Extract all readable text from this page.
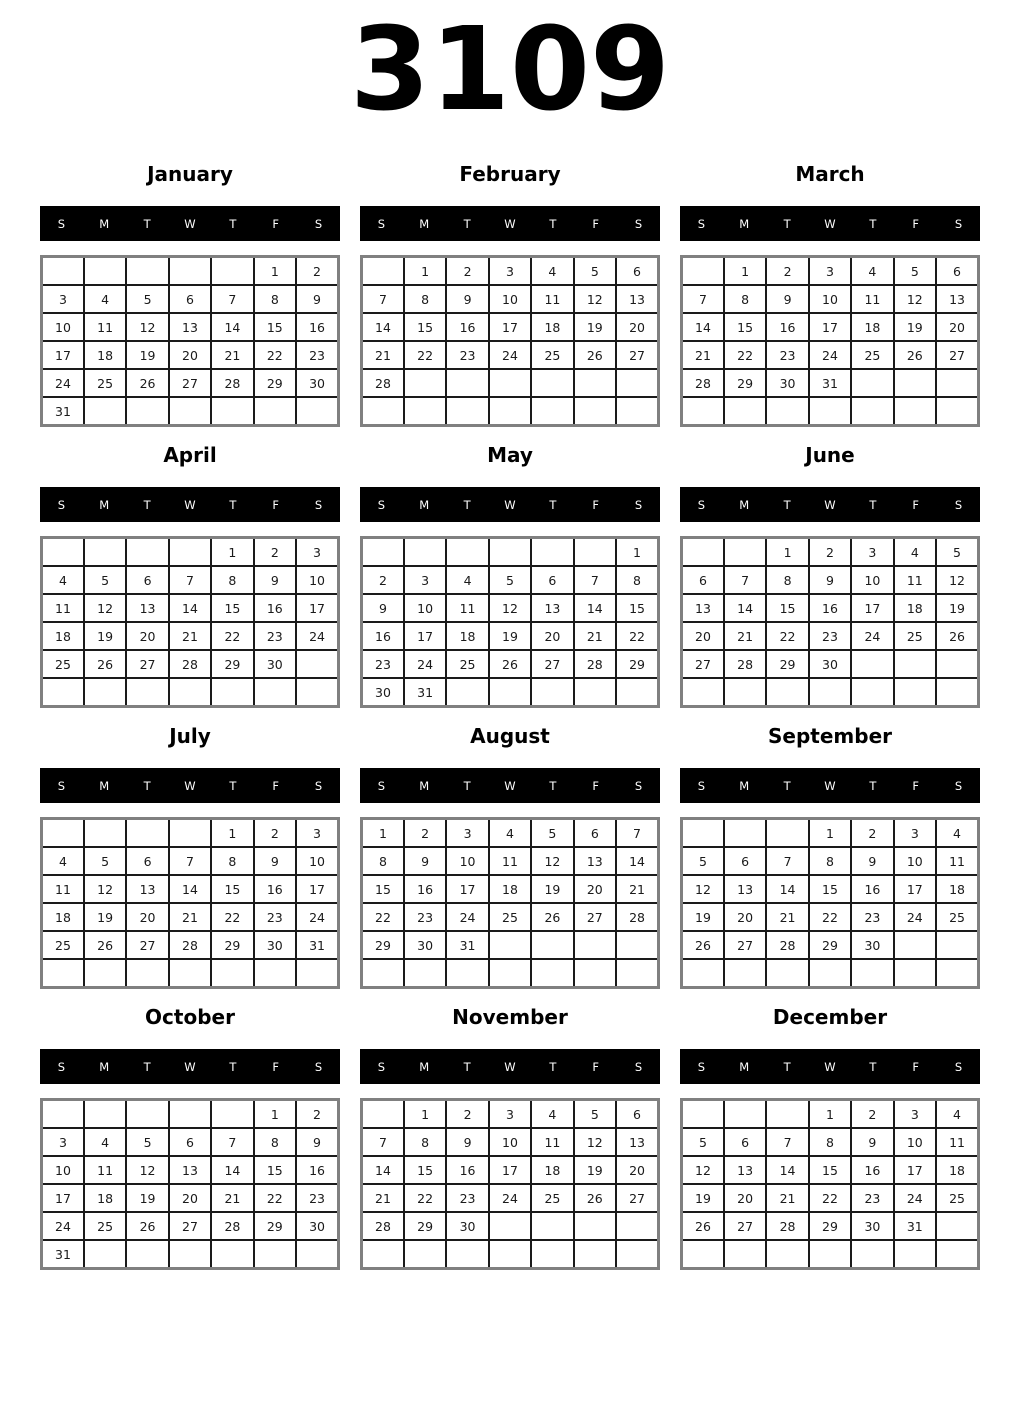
3109
January
S	M	T	W	T	F	S
					1	2
3	4	5	6	7	8	9
10	11	12	13	14	15	16
17	18	19	20	21	22	23
24	25	26	27	28	29	30
31						
February
S	M	T	W	T	F	S
	1	2	3	4	5	6
7	8	9	10	11	12	13
14	15	16	17	18	19	20
21	22	23	24	25	26	27
28						

March
S	M	T	W	T	F	S
	1	2	3	4	5	6
7	8	9	10	11	12	13
14	15	16	17	18	19	20
21	22	23	24	25	26	27
28	29	30	31			

April
S	M	T	W	T	F	S
				1	2	3
4	5	6	7	8	9	10
11	12	13	14	15	16	17
18	19	20	21	22	23	24
25	26	27	28	29	30	

May
S	M	T	W	T	F	S
						1
2	3	4	5	6	7	8
9	10	11	12	13	14	15
16	17	18	19	20	21	22
23	24	25	26	27	28	29
30	31					
June
S	M	T	W	T	F	S
		1	2	3	4	5
6	7	8	9	10	11	12
13	14	15	16	17	18	19
20	21	22	23	24	25	26
27	28	29	30			

July
S	M	T	W	T	F	S
				1	2	3
4	5	6	7	8	9	10
11	12	13	14	15	16	17
18	19	20	21	22	23	24
25	26	27	28	29	30	31

August
S	M	T	W	T	F	S
1	2	3	4	5	6	7
8	9	10	11	12	13	14
15	16	17	18	19	20	21
22	23	24	25	26	27	28
29	30	31				

September
S	M	T	W	T	F	S
			1	2	3	4
5	6	7	8	9	10	11
12	13	14	15	16	17	18
19	20	21	22	23	24	25
26	27	28	29	30		

October
S	M	T	W	T	F	S
					1	2
3	4	5	6	7	8	9
10	11	12	13	14	15	16
17	18	19	20	21	22	23
24	25	26	27	28	29	30
31						
November
S	M	T	W	T	F	S
	1	2	3	4	5	6
7	8	9	10	11	12	13
14	15	16	17	18	19	20
21	22	23	24	25	26	27
28	29	30				

December
S	M	T	W	T	F	S
			1	2	3	4
5	6	7	8	9	10	11
12	13	14	15	16	17	18
19	20	21	22	23	24	25
26	27	28	29	30	31	
